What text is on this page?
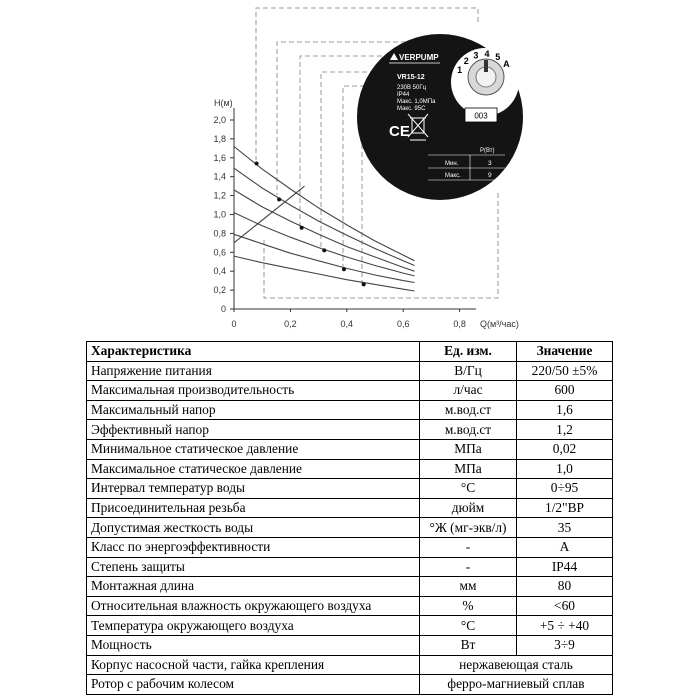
H(м)
Q(м³/час)
0
0,2
0,4
0,6
0,8
1,0
1,2
1,4
1,6
1,8
2,0
0	0,2	0,4	0,6	0,8
VERPUMP
VR15-12
230В 50Гц
IP44
Макс. 1,0МПа
Макс. 95С
CE
1
2
3 4 5
A
003
P(Вт)
Мин.	3
Макс.	9
Характеристика	Ед. изм.	Значение
Напряжение питания	В/Гц	220/50 ±5%
Максимальная производительность	л/час	600
Максимальный напор	м.вод.ст	1,6
Эффективный напор	м.вод.ст	1,2
Минимальное статическое давление	МПа	0,02
Максимальное статическое давление	МПа	1,0
Интервал температур воды	°С	0÷95
Присоединительная резьба	дюйм	1/2"ВР
Допустимая жесткость воды	°Ж (мг-экв/л)	35
Класс по энергоэффективности	-	A
Степень защиты	-	IP44
Монтажная длина	мм	80
Относительная влажность окружающего воздуха	%	<60
Температура окружающего воздуха	°С	+5 ÷ +40
Мощность	Вт	3÷9
Корпус насосной части, гайка крепления	нержавеющая сталь	
Ротор с рабочим колесом	ферро-магниевый сплав	
